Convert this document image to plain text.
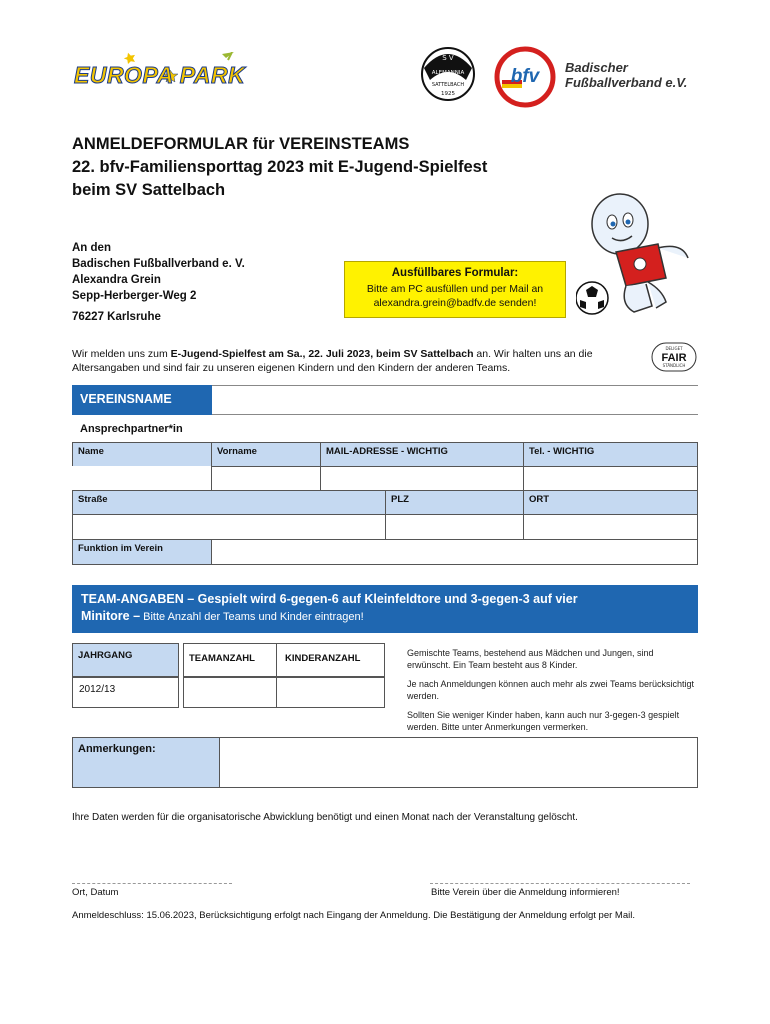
EUROPA PARK
S V
ALEMANNIA
SATTELBACH
1925
bfv Badischer
Fußballverband e.V.
ANMELDEFORMULAR für VEREINSTEAMS
22. bfv-Familiensporttag 2023 mit E-Jugend-Spielfest
beim SV Sattelbach
An den
Badischen Fußballverband e. V.
Alexandra Grein
Sepp-Herberger-Weg 2
76227 Karlsruhe
Ausfüllbares Formular:
Bitte am PC ausfüllen und per Mail an
alexandra.grein@badfv.de senden!
Wir melden uns zum E-Jugend-Spielfest am Sa., 22. Juli 2023, beim SV Sattelbach an. Wir halten uns an die Altersangaben und sind fair zu unseren eigenen Kindern und den Kindern der anderen Teams.
DELIGET
FAIR
STÄNDLICH
VEREINSNAME
Ansprechpartner*in
Name	Vorname	MAIL-ADRESSE - WICHTIG	Tel. - WICHTIG
Straße	PLZ	ORT
Funktion im Verein
TEAM-ANGABEN – Gespielt wird 6-gegen-6 auf Kleinfeldtore und 3-gegen-3 auf vier
Minitore – Bitte Anzahl der Teams und Kinder eintragen!
JAHRGANG	TEAMANZAHL	KINDERANZAHL
2012/13

Gemischte Teams, bestehend aus Mädchen und Jungen, sind erwünscht. Ein Team besteht aus 8 Kinder.

Je nach Anmeldungen können auch mehr als zwei Teams berücksichtigt werden.

Sollten Sie weniger Kinder haben, kann auch nur 3-gegen-3 gespielt werden. Bitte unter Anmerkungen vermerken.

Anmerkungen:
Ihre Daten werden für die organisatorische Abwicklung benötigt und einen Monat nach der Veranstaltung gelöscht.
Ort, Datum	Bitte Verein über die Anmeldung informieren!
Anmeldeschluss: 15.06.2023, Berücksichtigung erfolgt nach Eingang der Anmeldung. Die Bestätigung der Anmeldung erfolgt per Mail.
